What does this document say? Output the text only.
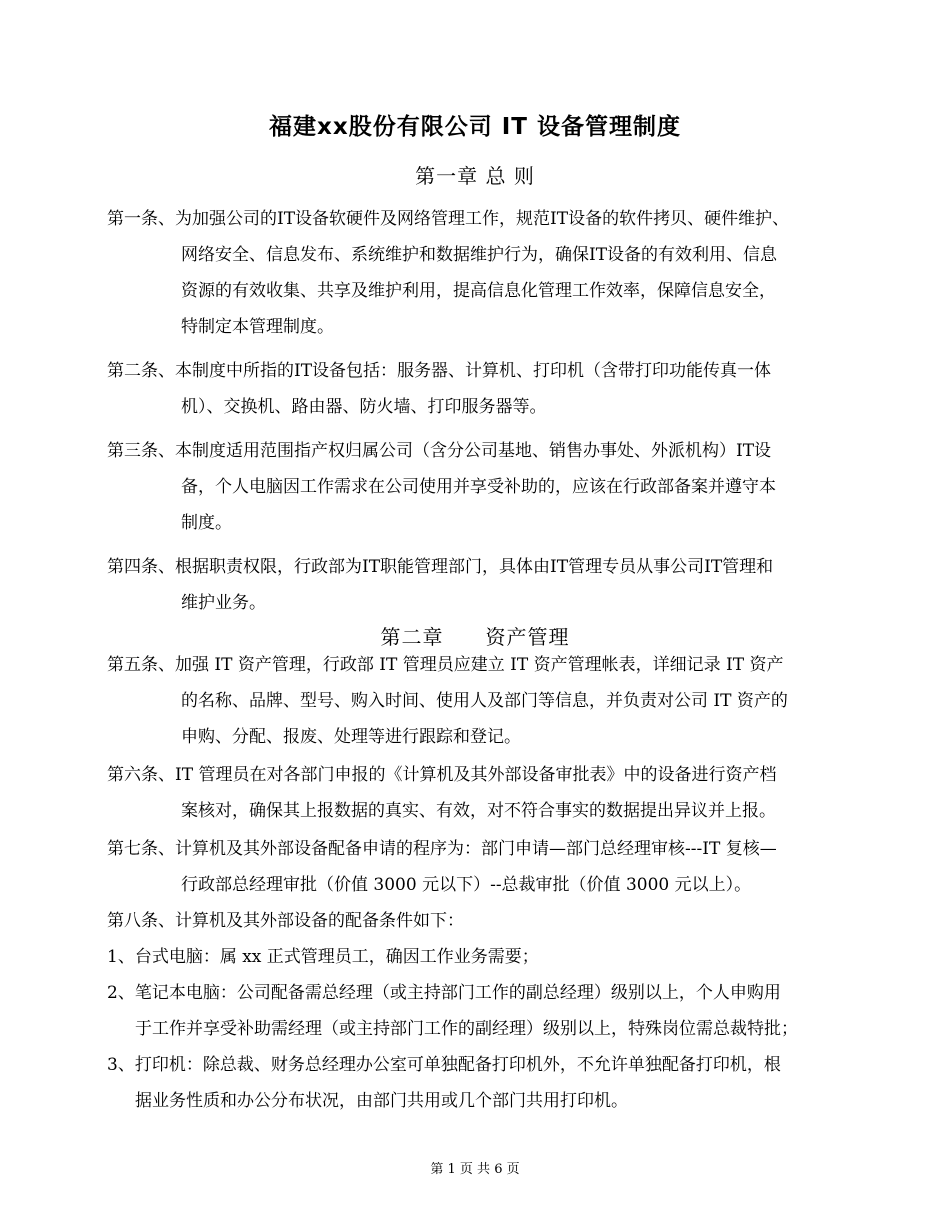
福建xx股份有限公司 IT 设备管理制度
第一章 总 则
第一条、为加强公司的IT设备软硬件及网络管理工作，规范IT设备的软件拷贝、硬件维护、
网络安全、信息发布、系统维护和数据维护行为，确保IT设备的有效利用、信息
资源的有效收集、共享及维护利用，提高信息化管理工作效率，保障信息安全，
特制定本管理制度。
第二条、本制度中所指的IT设备包括：服务器、计算机、打印机（含带打印功能传真一体
机）、交换机、路由器、防火墙、打印服务器等。
第三条、本制度适用范围指产权归属公司（含分公司基地、销售办事处、外派机构）IT设
备，个人电脑因工作需求在公司使用并享受补助的，应该在行政部备案并遵守本
制度。
第四条、根据职责权限，行政部为IT职能管理部门，具体由IT管理专员从事公司IT管理和
维护业务。
第二章　　资产管理
第五条、加强 IT 资产管理，行政部 IT 管理员应建立 IT 资产管理帐表，详细记录 IT 资产
的名称、品牌、型号、购入时间、使用人及部门等信息，并负责对公司 IT 资产的
申购、分配、报废、处理等进行跟踪和登记。
第六条、IT 管理员在对各部门申报的《计算机及其外部设备审批表》中的设备进行资产档
案核对，确保其上报数据的真实、有效，对不符合事实的数据提出异议并上报。
第七条、计算机及其外部设备配备申请的程序为：部门申请—部门总经理审核---IT 复核—
行政部总经理审批（价值 3000 元以下）--总裁审批（价值 3000 元以上）。
第八条、计算机及其外部设备的配备条件如下：
1、台式电脑：属 xx 正式管理员工，确因工作业务需要；
2、笔记本电脑：公司配备需总经理（或主持部门工作的副总经理）级别以上，个人申购用
于工作并享受补助需经理（或主持部门工作的副经理）级别以上，特殊岗位需总裁特批；
3、打印机：除总裁、财务总经理办公室可单独配备打印机外，不允许单独配备打印机，根
据业务性质和办公分布状况，由部门共用或几个部门共用打印机。
第 1 页 共 6 页
